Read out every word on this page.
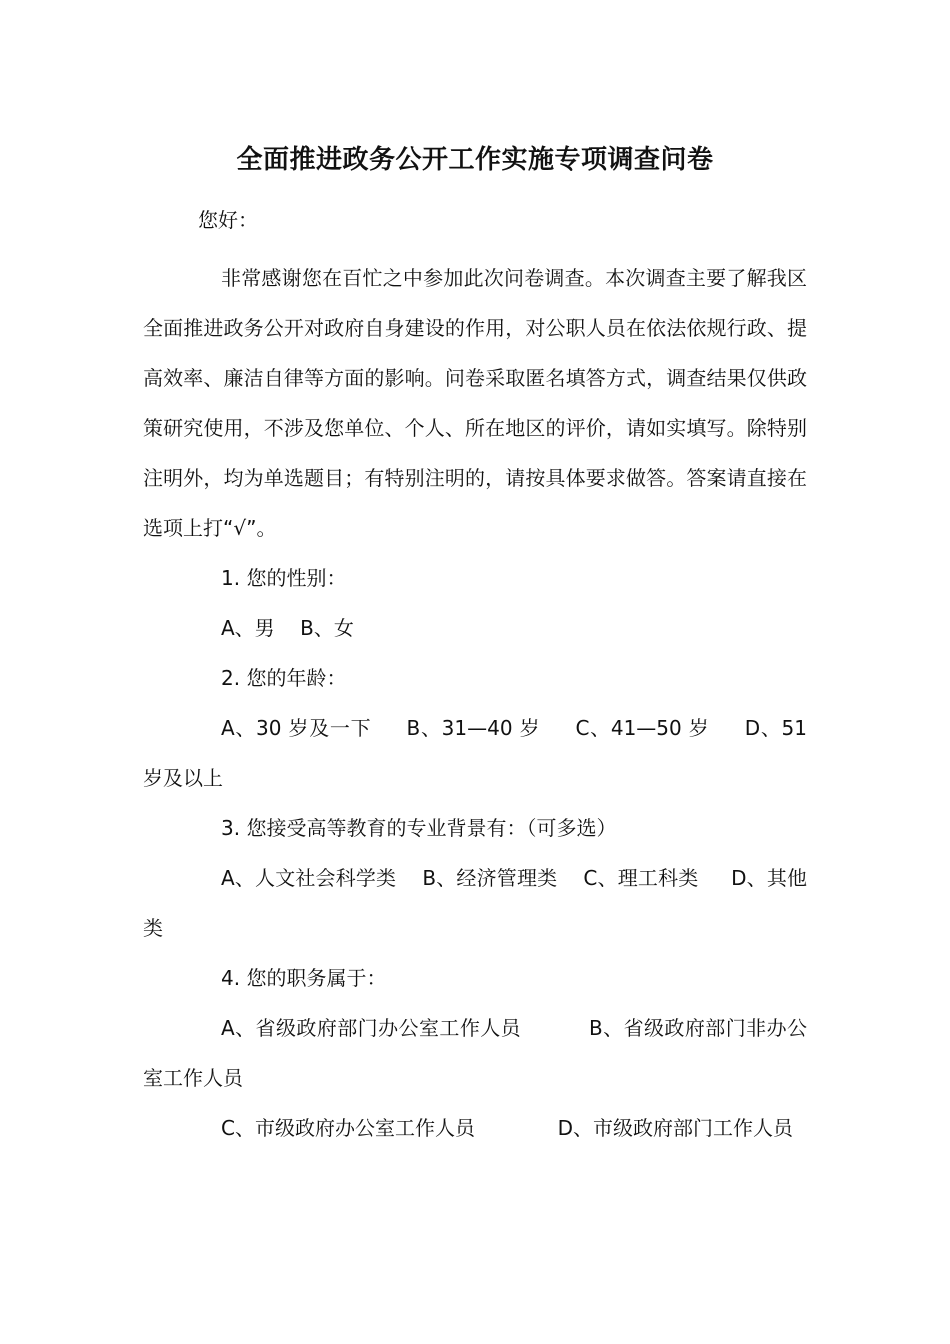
全面推进政务公开工作实施专项调查问卷
您好：

非常感谢您在百忙之中参加此次问卷调查。本次调查主要了解我区全面推进政务公开对政府自身建设的作用，对公职人员在依法依规行政、提高效率、廉洁自律等方面的影响。问卷采取匿名填答方式，调查结果仅供政策研究使用，不涉及您单位、个人、所在地区的评价，请如实填写。除特别注明外，均为单选题目；有特别注明的，请按具体要求做答。答案请直接在选项上打“√”。

1. 您的性别：

A、男 B、女

2. 您的年龄：

A、30 岁及一下 B、31—40 岁 C、41—50 岁 D、51 岁及以上

3. 您接受高等教育的专业背景有：（可多选）

A、人文社会科学类 B、经济管理类 C、理工科类 D、其他类

4. 您的职务属于：

A、省级政府部门办公室工作人员	B、省级政府部门非办公室工作人员

C、市级政府办公室工作人员	D、市级政府部门工作人员
